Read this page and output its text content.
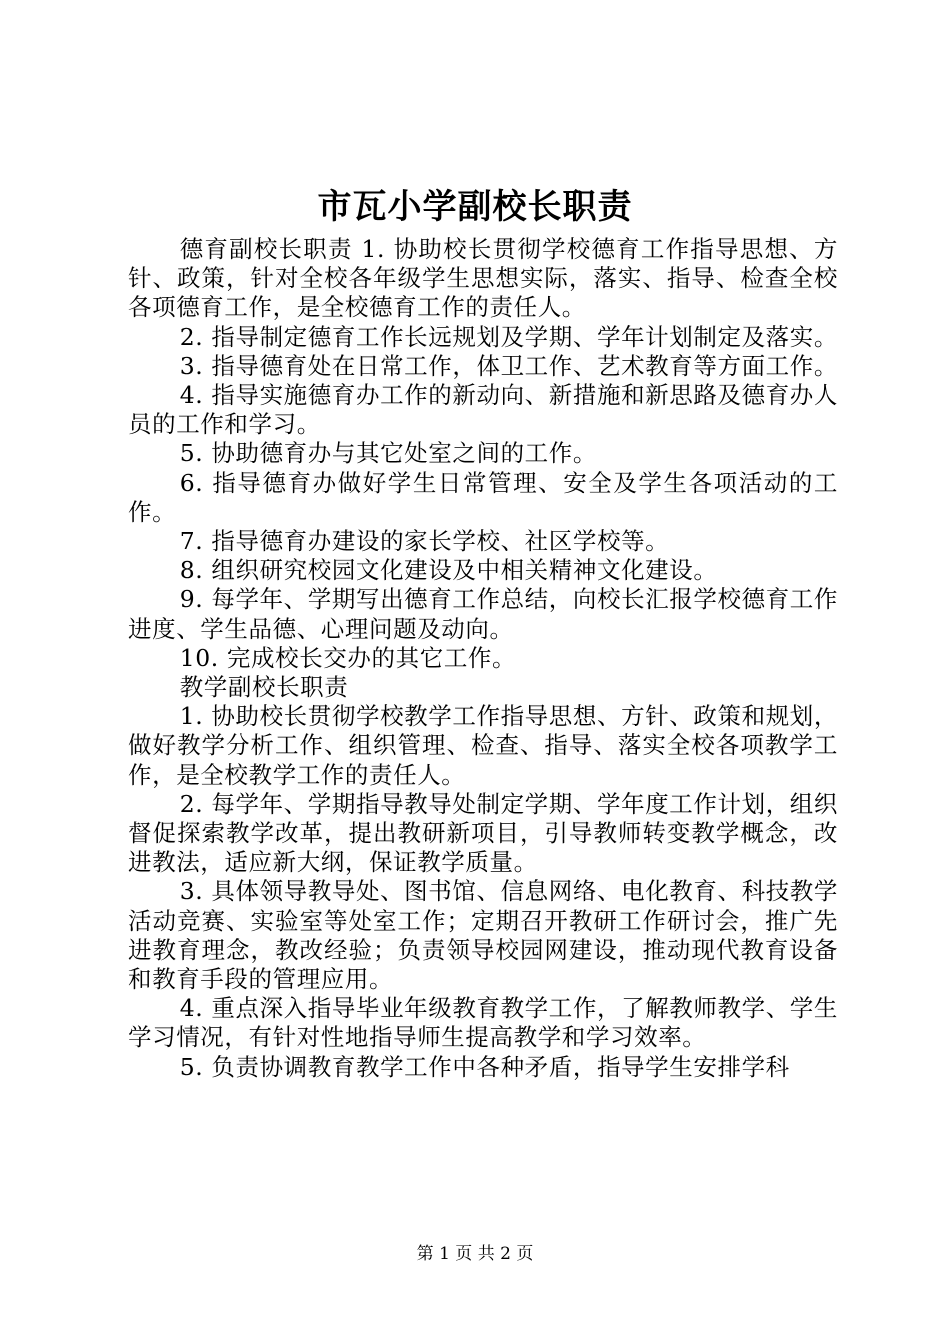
市瓦小学副校长职责

德育副校长职责 1. 协助校长贯彻学校德育工作指导思想、方针、政策，针对全校各年级学生思想实际，落实、指导、检查全校各项德育工作，是全校德育工作的责任人。

2. 指导制定德育工作长远规划及学期、学年计划制定及落实。

3. 指导德育处在日常工作，体卫工作、艺术教育等方面工作。

4. 指导实施德育办工作的新动向、新措施和新思路及德育办人员的工作和学习。

5. 协助德育办与其它处室之间的工作。

6. 指导德育办做好学生日常管理、安全及学生各项活动的工作。

7. 指导德育办建设的家长学校、社区学校等。

8. 组织研究校园文化建设及中相关精神文化建设。

9. 每学年、学期写出德育工作总结，向校长汇报学校德育工作进度、学生品德、心理问题及动向。

10. 完成校长交办的其它工作。

教学副校长职责

1. 协助校长贯彻学校教学工作指导思想、方针、政策和规划，做好教学分析工作、组织管理、检查、指导、落实全校各项教学工作，是全校教学工作的责任人。

2. 每学年、学期指导教导处制定学期、学年度工作计划，组织督促探索教学改革，提出教研新项目，引导教师转变教学概念，改进教法，适应新大纲，保证教学质量。

3. 具体领导教导处、图书馆、信息网络、电化教育、科技教学活动竞赛、实验室等处室工作；定期召开教研工作研讨会，推广先进教育理念，教改经验；负责领导校园网建设，推动现代教育设备和教育手段的管理应用。

4. 重点深入指导毕业年级教育教学工作，了解教师教学、学生学习情况，有针对性地指导师生提高教学和学习效率。

5. 负责协调教育教学工作中各种矛盾，指导学生安排学科

第 1 页 共 2 页
